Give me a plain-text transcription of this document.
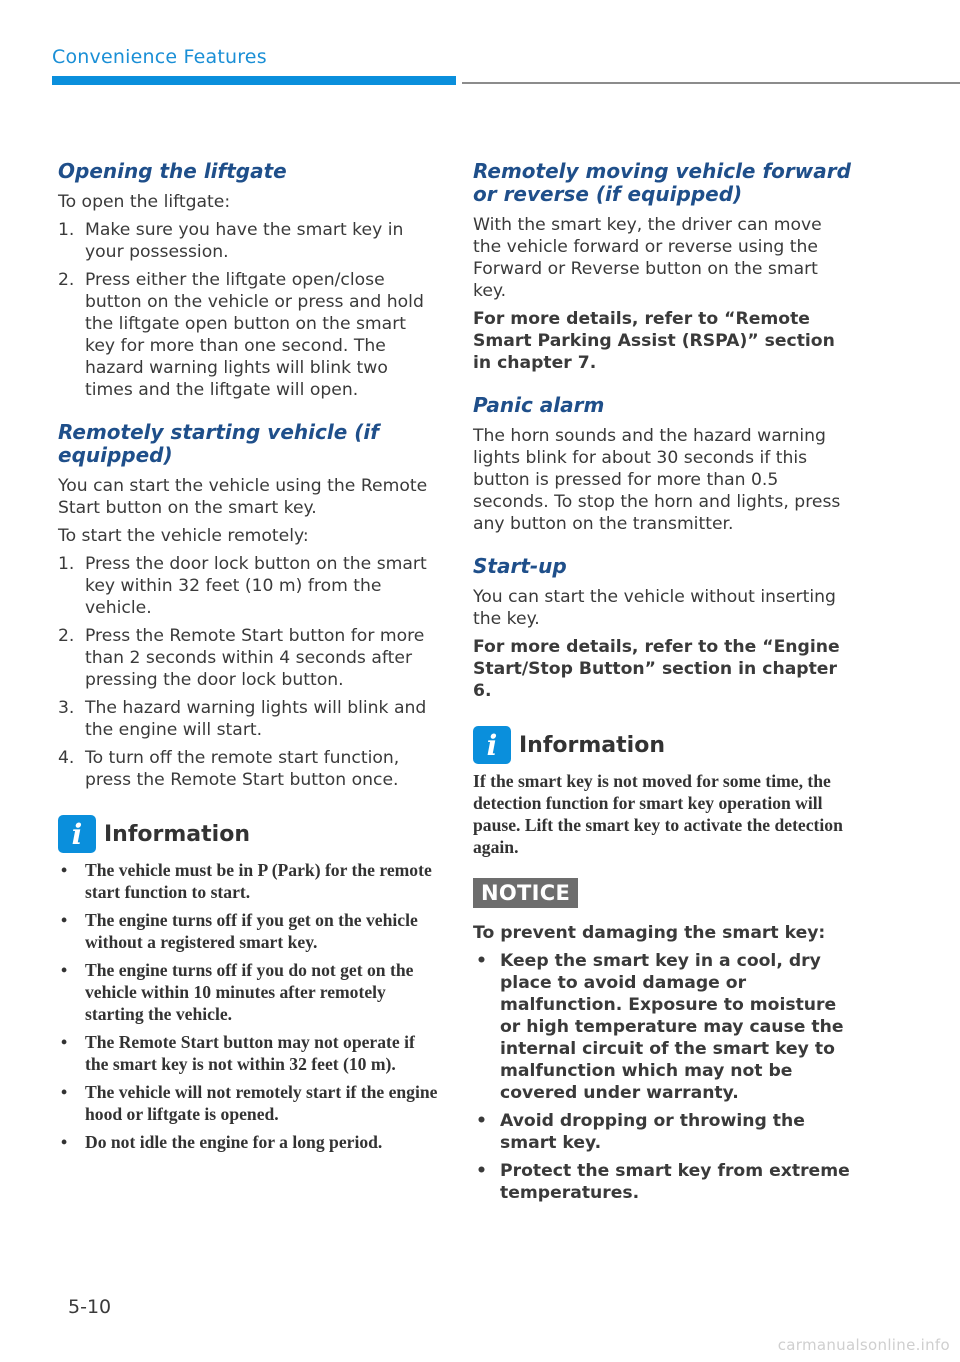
Convenience Features
Opening the liftgate

To open the liftgate:

1. Make sure you have the smart key in your possession.
2. Press either the liftgate open/close button on the vehicle or press and hold the liftgate open button on the smart key for more than one second. The hazard warning lights will blink two times and the liftgate will open.
Remotely starting vehicle (if equipped)

You can start the vehicle using the Remote Start button on the smart key.

To start the vehicle remotely:

1. Press the door lock button on the smart key within 32 feet (10 m) from the vehicle.
2. Press the Remote Start button for more than 2 seconds within 4 seconds after pressing the door lock button.
3. The hazard warning lights will blink and the engine will start.
4. To turn off the remote start function, press the Remote Start button once.
i Information
• The vehicle must be in P (Park) for the remote start function to start.
• The engine turns off if you get on the vehicle without a registered smart key.
• The engine turns off if you do not get on the vehicle within 10 minutes after remotely starting the vehicle.
• The Remote Start button may not operate if the smart key is not within 32 feet (10 m).
• The vehicle will not remotely start if the engine hood or liftgate is opened.
• Do not idle the engine for a long period.
Remotely moving vehicle forward or reverse (if equipped)

With the smart key, the driver can move the vehicle forward or reverse using the Forward or Reverse button on the smart key.

For more details, refer to “Remote Smart Parking Assist (RSPA)” section in chapter 7.

Panic alarm

The horn sounds and the hazard warning lights blink for about 30 seconds if this button is pressed for more than 0.5 seconds. To stop the horn and lights, press any button on the transmitter.

Start-up

You can start the vehicle without inserting the key.

For more details, refer to the “Engine Start/Stop Button” section in chapter 6.

i Information

If the smart key is not moved for some time, the detection function for smart key operation will pause. Lift the smart key to activate the detection again.

NOTICE

To prevent damaging the smart key:

• Keep the smart key in a cool, dry place to avoid damage or malfunction. Exposure to moisture or high temperature may cause the internal circuit of the smart key to malfunction which may not be covered under warranty.
• Avoid dropping or throwing the smart key.
• Protect the smart key from extreme temperatures.
5-10
carmanualsonline.info
